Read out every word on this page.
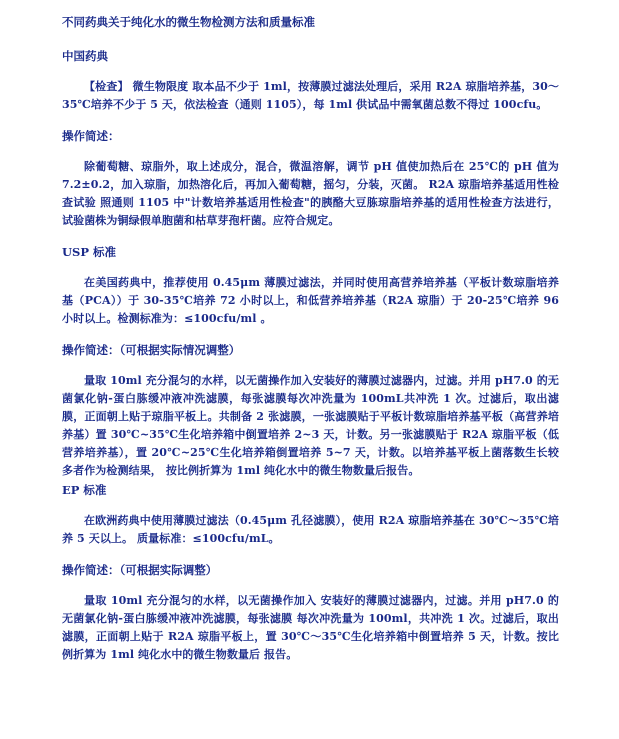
不同药典关于纯化水的微生物检测方法和质量标准
中国药典
【检查】 微生物限度 取本品不少于 1ml，按薄膜过滤法处理后，采用 R2A 琼脂培养基，30～35℃培养不少于 5 天，依法检查（通则 1105），每 1ml 供试品中需氧菌总数不得过 100cfu。
操作简述：
除葡萄糖、琼脂外，取上述成分，混合，微温溶解，调节 pH 值使加热后在 25℃的 pH 值为 7.2±0.2，加入琼脂，加热溶化后，再加入葡萄糖，摇匀，分装，灭菌。 R2A 琼脂培养基适用性检查试验 照通则 1105 中"计数培养基适用性检查"的胰酪大豆胨琼脂培养基的适用性检查方法进行，试验菌株为铜绿假单胞菌和枯草芽孢杆菌。应符合规定。
USP 标准
在美国药典中，推荐使用 0.45μm 薄膜过滤法，并同时使用高营养培养基（平板计数琼脂培养基（PCA））于 30-35℃培养 72 小时以上，和低营养培养基（R2A 琼脂）于 20-25℃培养 96 小时以上。检测标准为：≤100cfu/ml 。
操作简述：（可根据实际情况调整）
量取 10ml 充分混匀的水样，以无菌操作加入安装好的薄膜过滤器内，过滤。并用 pH7.0 的无菌氯化钠-蛋白胨缓冲液冲洗滤膜，每张滤膜每次冲洗量为 100mL共冲洗 1 次。过滤后，取出滤膜，正面朝上贴于琼脂平板上。共制备 2 张滤膜，一张滤膜贴于平板计数琼脂培养基平板（高营养培养基）置 30℃~35℃生化培养箱中倒置培养 2~3 天，计数。另一张滤膜贴于 R2A 琼脂平板（低营养培养基），置 20℃~25℃生化培养箱倒置培养 5~7 天，计数。以培养基平板上菌落数生长较多者作为检测结果， 按比例折算为 1ml 纯化水中的微生物数量后报告。
EP 标准
在欧洲药典中使用薄膜过滤法（0.45μm 孔径滤膜），使用 R2A 琼脂培养基在 30℃～35℃培养 5 天以上。 质量标准：≤100cfu/mL。
操作简述：（可根据实际调整）
量取 10ml 充分混匀的水样，以无菌操作加入 安装好的薄膜过滤器内，过滤。并用 pH7.0 的无菌氯化钠-蛋白胨缓冲液冲洗滤膜，每张滤膜 每次冲洗量为 100ml，共冲洗 1 次。过滤后，取出滤膜，正面朝上贴于 R2A 琼脂平板上，置 30℃～35℃生化培养箱中倒置培养 5 天，计数。按比例折算为 1ml 纯化水中的微生物数量后 报告。
